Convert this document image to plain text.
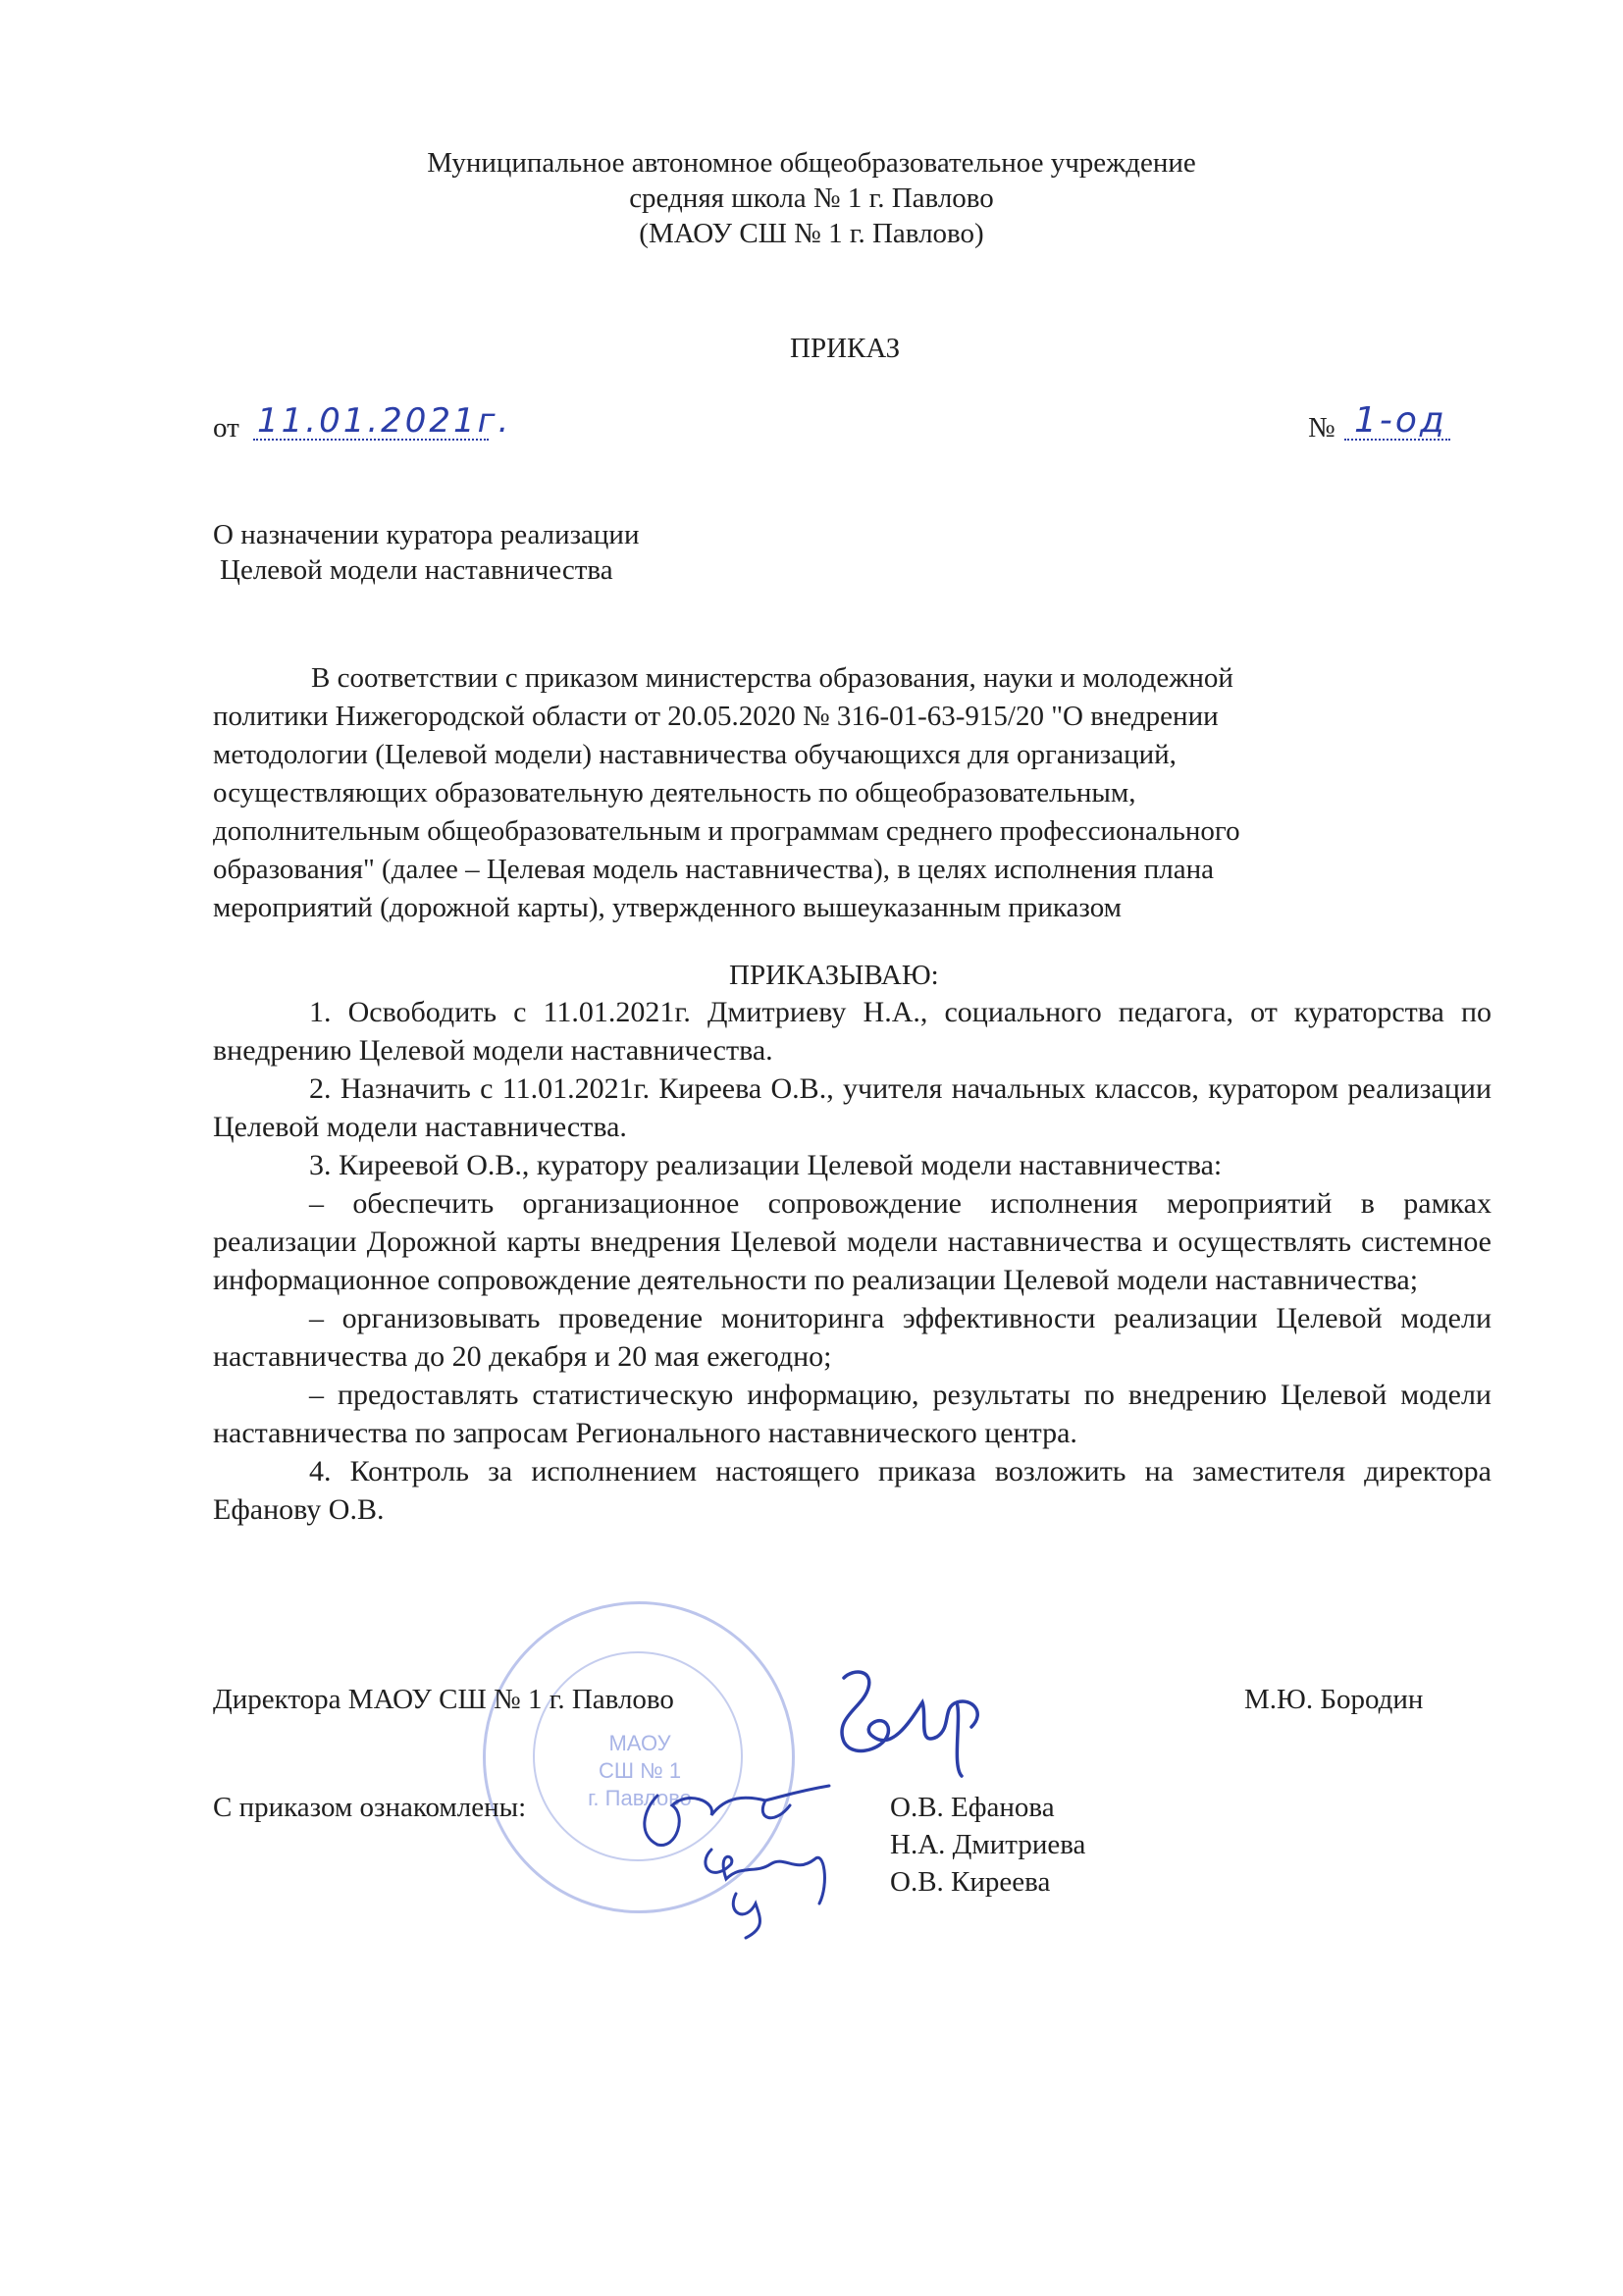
Муниципальное автономное общеобразовательное учреждение
средняя школа № 1 г. Павлово
(МАОУ СШ № 1 г. Павлово)
ПРИКАЗ
от 11.01.2021г.	№ 1-од
О назначении куратора реализации
Целевой модели наставничества
В соответствии с приказом министерства образования, науки и молодежной
политики Нижегородской области от 20.05.2020 № 316-01-63-915/20 "О внедрении
методологии (Целевой модели) наставничества обучающихся для организаций,
осуществляющих образовательную деятельность по общеобразовательным,
дополнительным общеобразовательным и программам среднего профессионального
образования" (далее – Целевая модель наставничества), в целях исполнения плана
мероприятий (дорожной карты), утвержденного вышеуказанным приказом
ПРИКАЗЫВАЮ:
1. Освободить с 11.01.2021г. Дмитриеву Н.А., социального педагога, от кураторства по внедрению Целевой модели наставничества.
2. Назначить с 11.01.2021г. Киреева О.В., учителя начальных классов, куратором реализации Целевой модели наставничества.
3. Киреевой О.В., куратору реализации Целевой модели наставничества:
– обеспечить организационное сопровождение исполнения мероприятий в рамках реализации Дорожной карты внедрения Целевой модели наставничества и осуществлять системное информационное сопровождение деятельности по реализации Целевой модели наставничества;
– организовывать проведение мониторинга эффективности реализации Целевой модели наставничества до 20 декабря и 20 мая ежегодно;
– предоставлять статистическую информацию, результаты по внедрению Целевой модели наставничества по запросам Регионального наставнического центра.
4. Контроль за исполнением настоящего приказа возложить на заместителя директора Ефанову О.В.
МАОУ
СШ № 1
г. Павлово
Директора МАОУ СШ № 1 г. Павлово	М.Ю. Бородин
С приказом ознакомлены:	О.В. Ефанова
Н.А. Дмитриева
О.В. Киреева
